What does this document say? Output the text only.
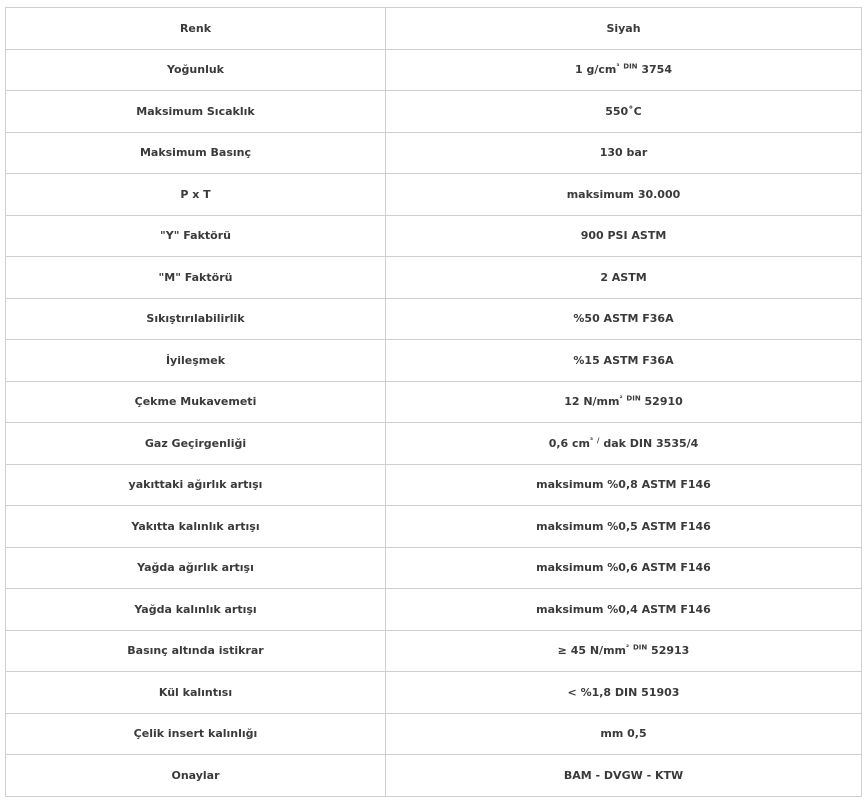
Renk	Siyah
Yoğunluk	1 $g/cm^{^3}$ $^{DIN}$ 3754
Maksimum Sıcaklık	550˚C
Maksimum Basınç	130 bar
P x T	maksimum 30.000
"Y" Faktörü	900 PSI ASTM
"M" Faktörü	2 ASTM
Sıkıştırılabilirlik	%50 ASTM F36A
İyileşmek	%15 ASTM F36A
Çekme Mukavemeti	12 $N/mm^{^2}$ $^{DIN}$ 52910
Gaz Geçirgenliği	0,6 $cm^{^3}$ / dak DIN 3535/4
yakıttaki ağırlık artışı	maksimum %0,8 ASTM F146
Yakıtta kalınlık artışı	maksimum %0,5 ASTM F146
Yağda ağırlık artışı	maksimum %0,6 ASTM F146
Yağda kalınlık artışı	maksimum %0,4 ASTM F146
Basınç altında istikrar	≥ 45 $N/mm^{^2}$ $^{DIN}$ 52913
Kül kalıntısı	< %1,8 DIN 51903
Çelik insert kalınlığı	mm 0,5
Onaylar	BAM - DVGW - KTW
